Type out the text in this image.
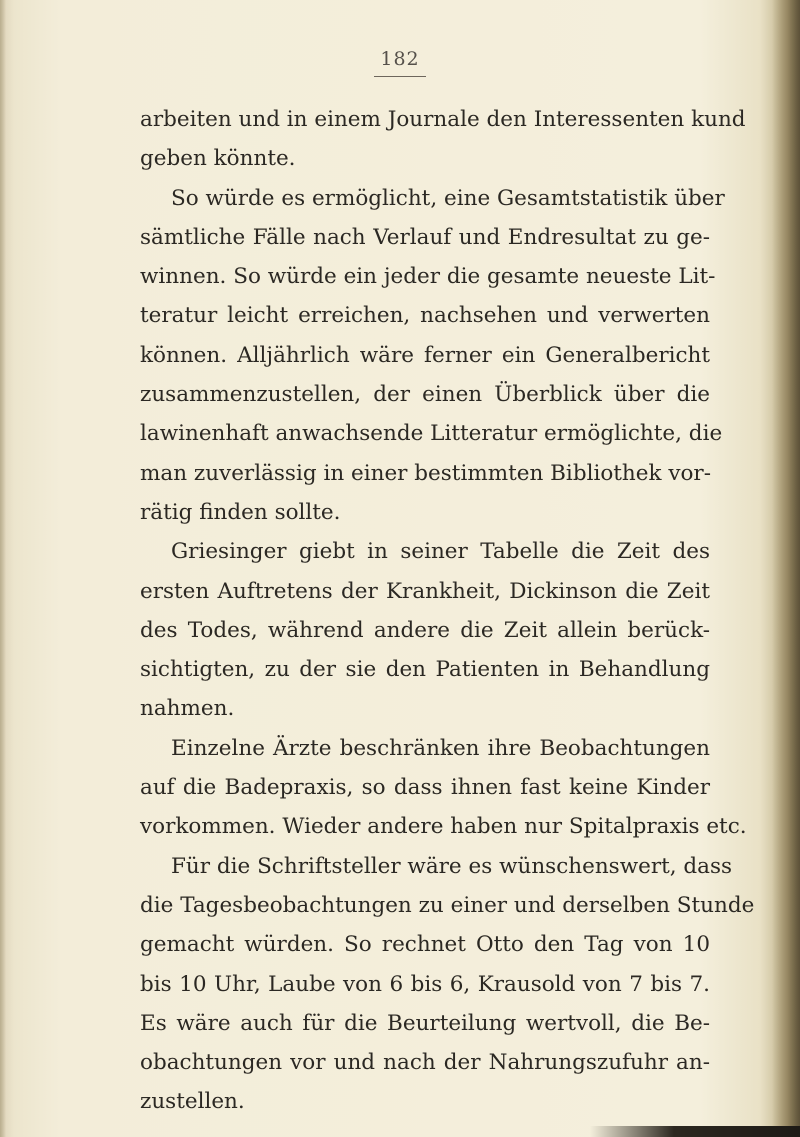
182
arbeiten und in einem Journale den Interessenten kund
geben könnte.
So würde es ermöglicht, eine Gesamtstatistik über
sämtliche Fälle nach Verlauf und Endresultat zu ge-
winnen. So würde ein jeder die gesamte neueste Lit-
teratur leicht erreichen, nachsehen und verwerten
können. Alljährlich wäre ferner ein Generalbericht
zusammenzustellen, der einen Überblick über die
lawinenhaft anwachsende Litteratur ermöglichte, die
man zuverlässig in einer bestimmten Bibliothek vor-
rätig finden sollte.
Griesinger giebt in seiner Tabelle die Zeit des
ersten Auftretens der Krankheit, Dickinson die Zeit
des Todes, während andere die Zeit allein berück-
sichtigten, zu der sie den Patienten in Behandlung
nahmen.
Einzelne Ärzte beschränken ihre Beobachtungen
auf die Badepraxis, so dass ihnen fast keine Kinder
vorkommen. Wieder andere haben nur Spitalpraxis etc.
Für die Schriftsteller wäre es wünschenswert, dass
die Tagesbeobachtungen zu einer und derselben Stunde
gemacht würden. So rechnet Otto den Tag von 10
bis 10 Uhr, Laube von 6 bis 6, Krausold von 7 bis 7.
Es wäre auch für die Beurteilung wertvoll, die Be-
obachtungen vor und nach der Nahrungszufuhr an-
zustellen.
